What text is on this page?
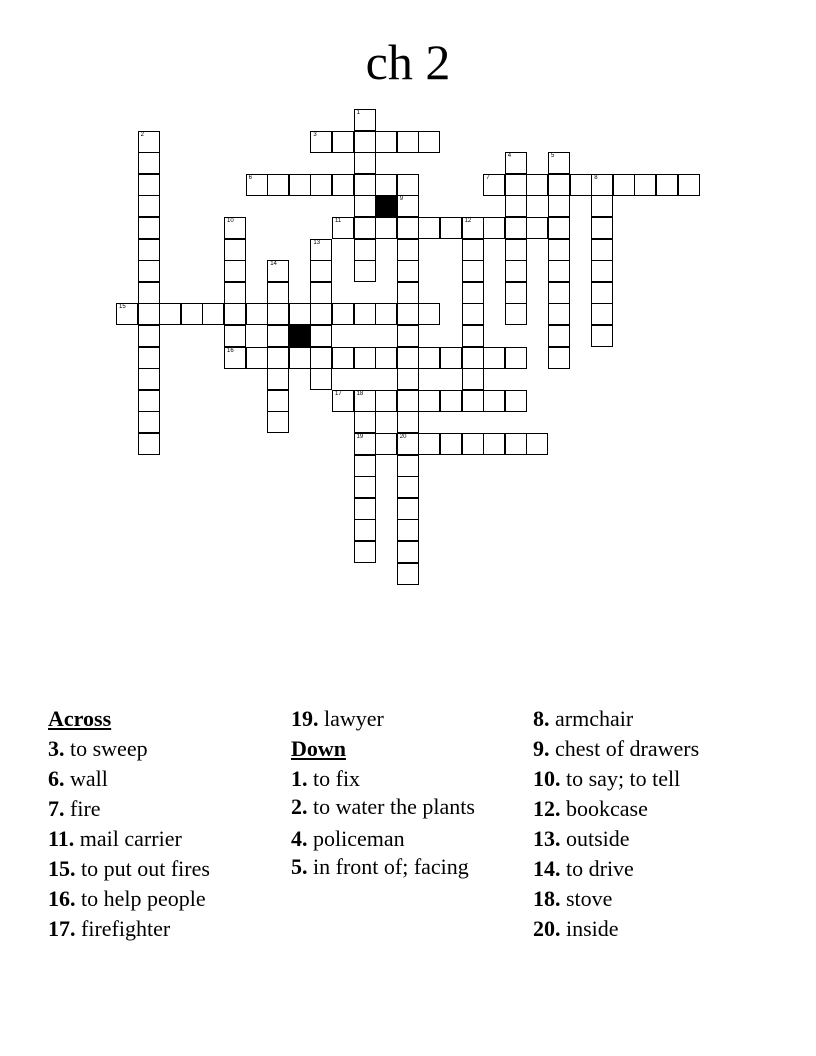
ch 2
1
2	3
4	5
6	7	8
9
20
10
16
11	12
13
14
15
17 18
19
Across
3. to sweep
6. wall
7. fire
11. mail carrier
15. to put out fires
16. to help people
17. firefighter
19. lawyer
Down
1. to fix
2. to water the plants
4. policeman
5. in front of; facing
8. armchair
9. chest of drawers
10. to say; to tell
12. bookcase
13. outside
14. to drive
18. stove
20. inside
